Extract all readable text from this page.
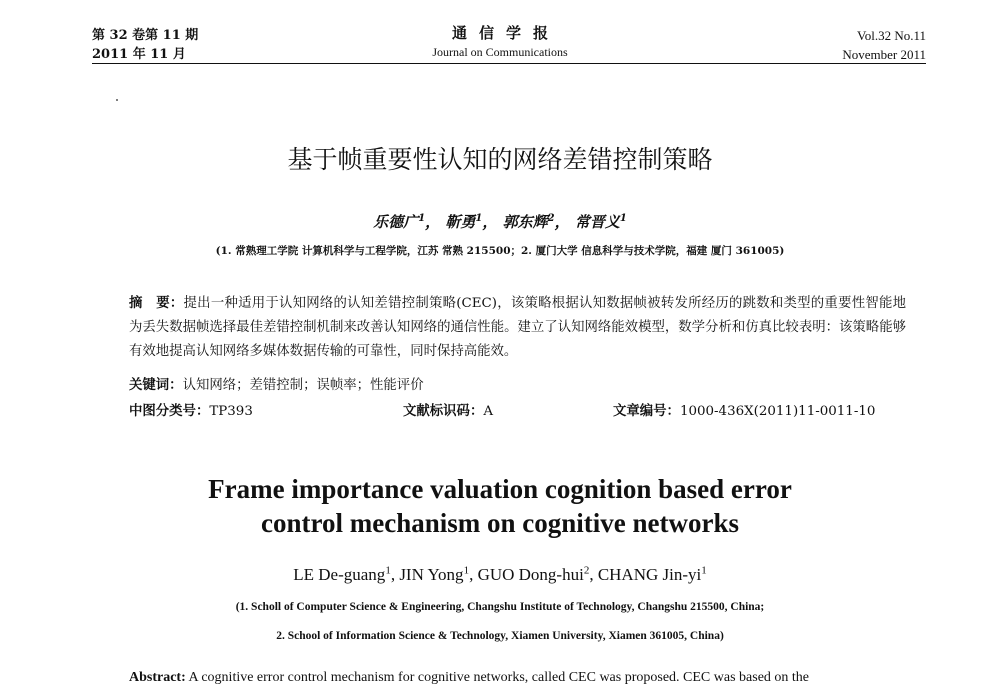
第 32 卷第 11 期
2011 年 11 月
通信学报
Journal on Communications
Vol.32 No.11
November 2011
基于帧重要性认知的网络差错控制策略
乐德广$^1$， 靳勇$^1$， 郭东辉$^2$， 常晋义$^1$
(1. 常熟理工学院 计算机科学与工程学院，江苏 常熟 215500；2. 厦门大学 信息科学与技术学院，福建 厦门 361005)
摘　要：提出一种适用于认知网络的认知差错控制策略(CEC)，该策略根据认知数据帧被转发所经历的跳数和类型的重要性智能地为丢失数据帧选择最佳差错控制机制来改善认知网络的通信性能。建立了认知网络能效模型，数学分析和仿真比较表明：该策略能够有效地提高认知网络多媒体数据传输的可靠性，同时保持高能效。
关键词：认知网络；差错控制；误帧率；性能评价
中图分类号：TP393	文献标识码：A	文章编号：1000-436X(2011)11-0011-10
Frame importance valuation cognition based error
control mechanism on cognitive networks
LE De-guang$^1$, JIN Yong$^1$, GUO Dong-hui$^2$, CHANG Jin-$yi^1$
(1. Scholl of Computer Science & Engineering, Changshu Institute of Technology, Changshu 215500, China;
2. School of Information Science & Technology, Xiamen University, Xiamen 361005, China)
Abstract: A cognitive error control mechanism for cognitive networks, called CEC was proposed. CEC was based on the
